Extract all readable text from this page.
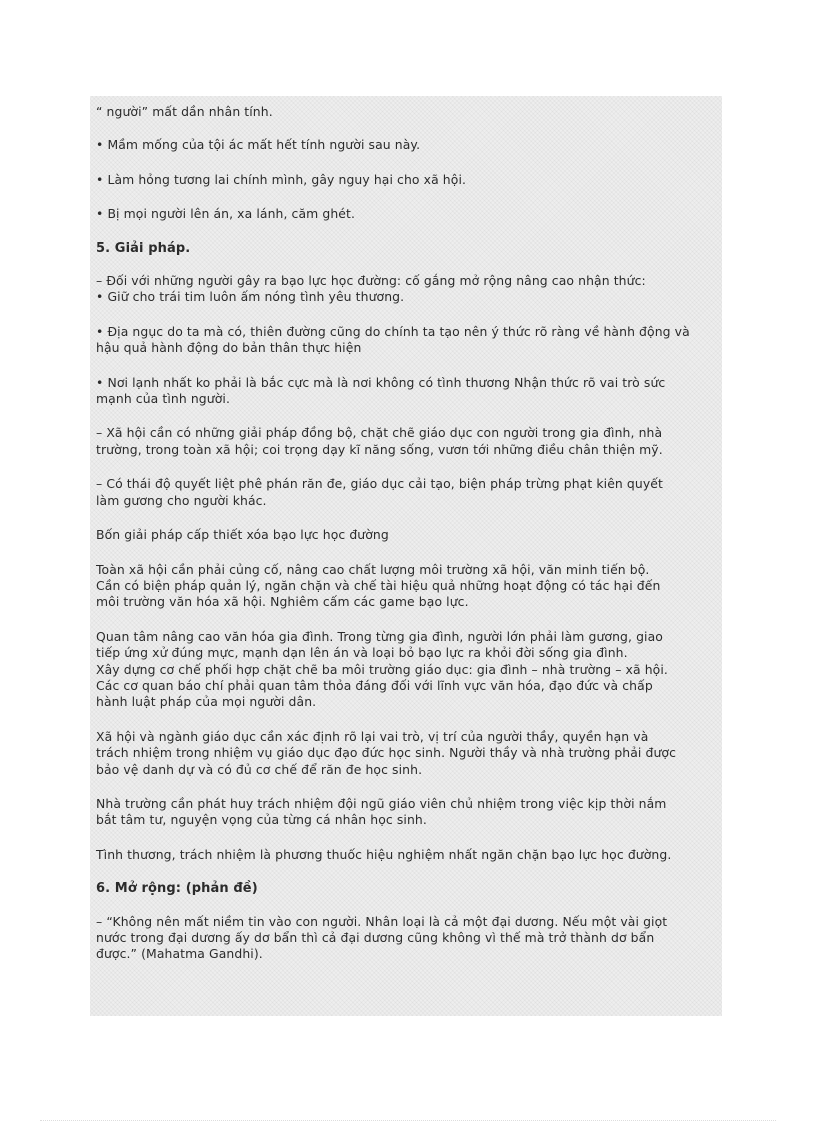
“ người” mất dần nhân tính.

• Mầm mống của tội ác mất hết tính người sau này.

• Làm hỏng tương lai chính mình, gây nguy hại cho xã hội.

• Bị mọi người lên án, xa lánh, căm ghét.

5. Giải pháp.

– Đối với những người gây ra bạo lực học đường: cố gắng mở rộng nâng cao nhận thức:
• Giữ cho trái tim luôn ấm nóng tình yêu thương.

• Địa ngục do ta mà có, thiên đường cũng do chính ta tạo nên ý thức rõ ràng về hành động và
hậu quả hành động do bản thân thực hiện

• Nơi lạnh nhất ko phải là bắc cực mà là nơi không có tình thương Nhận thức rõ vai trò sức
mạnh của tình người.

– Xã hội cần có những giải pháp đồng bộ, chặt chẽ giáo dục con người trong gia đình, nhà
trường, trong toàn xã hội; coi trọng dạy kĩ năng sống, vươn tới những điều chân thiện mỹ.

– Có thái độ quyết liệt phê phán răn đe, giáo dục cải tạo, biện pháp trừng phạt kiên quyết
làm gương cho người khác.

Bốn giải pháp cấp thiết xóa bạo lực học đường

Toàn xã hội cần phải củng cố, nâng cao chất lượng môi trường xã hội, văn minh tiến bộ.
Cần có biện pháp quản lý, ngăn chặn và chế tài hiệu quả những hoạt động có tác hại đến
môi trường văn hóa xã hội. Nghiêm cấm các game bạo lực.

Quan tâm nâng cao văn hóa gia đình. Trong từng gia đình, người lớn phải làm gương, giao
tiếp ứng xử đúng mực, mạnh dạn lên án và loại bỏ bạo lực ra khỏi đời sống gia đình.
Xây dựng cơ chế phối hợp chặt chẽ ba môi trường giáo dục: gia đình – nhà trường – xã hội.
Các cơ quan báo chí phải quan tâm thỏa đáng đối với lĩnh vực văn hóa, đạo đức và chấp
hành luật pháp của mọi người dân.

Xã hội và ngành giáo dục cần xác định rõ lại vai trò, vị trí của người thầy, quyền hạn và
trách nhiệm trong nhiệm vụ giáo dục đạo đức học sinh. Người thầy và nhà trường phải được
bảo vệ danh dự và có đủ cơ chế để răn đe học sinh.

Nhà trường cần phát huy trách nhiệm đội ngũ giáo viên chủ nhiệm trong việc kịp thời nắm
bắt tâm tư, nguyện vọng của từng cá nhân học sinh.

Tình thương, trách nhiệm là phương thuốc hiệu nghiệm nhất ngăn chặn bạo lực học đường.

6. Mở rộng: (phản đề)

– “Không nên mất niềm tin vào con người. Nhân loại là cả một đại dương. Nếu một vài giọt
nước trong đại dương ấy dơ bẩn thì cả đại dương cũng không vì thế mà trở thành dơ bẩn
được.” (Mahatma Gandhi).
